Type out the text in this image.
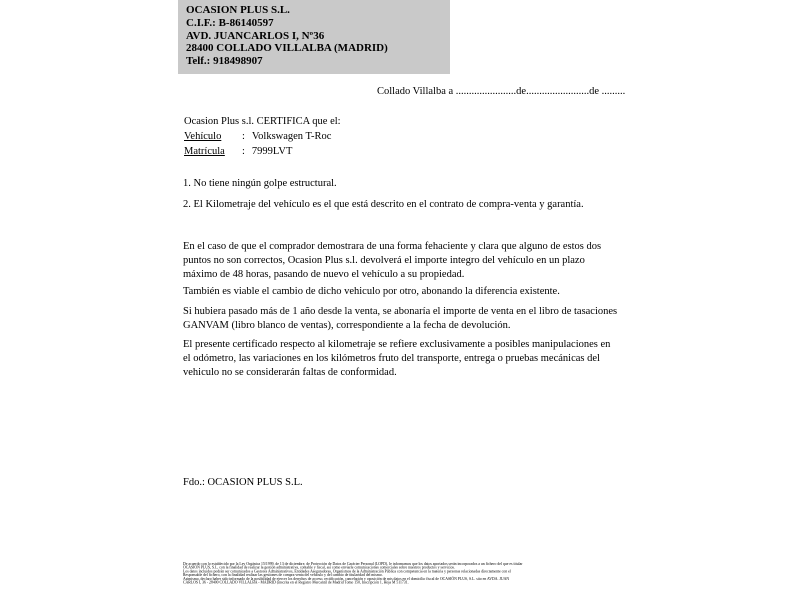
OCASION PLUS S.L.
C.I.F.: B-86140597
AVD. JUANCARLOS I, Nº36
28400 COLLADO VILLALBA (MADRID)
Telf.: 918498907
Collado Villalba a .......................de........................de .........
Ocasion Plus s.l. CERTIFICA que el:
Vehículo : Volkswagen T-Roc
Matrícula : 7999LVT
1. No tiene ningún golpe estructural.
2. El Kilometraje del vehículo es el que está descrito en el contrato de compra-venta y garantía.
En el caso de que el comprador demostrara de una forma fehaciente y clara que alguno de estos dos puntos no son correctos, Ocasion Plus s.l. devolverá el importe integro del vehículo en un plazo máximo de 48 horas, pasando de nuevo el vehículo a su propiedad.
También es viable el cambio de dicho vehiculo por otro, abonando la diferencia existente.
Si hubiera pasado más de 1 año desde la venta, se abonaría el importe de venta en el libro de tasaciones GANVAM (libro blanco de ventas), correspondiente a la fecha de devolución.
El presente certificado respecto al kilometraje se refiere exclusivamente a posibles manipulaciones en el odómetro, las variaciones en los kilómetros fruto del transporte, entrega o pruebas mecánicas del vehiculo no se considerarán faltas de conformidad.
Fdo.: OCASION PLUS S.L.
De acuerdo con lo establecido por la Ley Orgánica 15/1999, de 13 de diciembre, de Protección de Datos de Carácter Personal (LOPD), le informamos que los datos aportados serán incorporados a un fichero del que es titular
OCASION PLUS, S.L. con la finalidad de realizar la gestión administrativa, contable y fiscal, así como enviarle comunicaciones comerciales sobre nuestros productos y servicios.
Los datos incluidos podrán ser comunicados a Gestores Administrativos, Entidades Aseguradoras, Organismos de la Administración Pública con competencia en la materia y personas relacionadas directamente con el
Responsable del fichero, con la finalidad realizar las gestiones de compra venta del vehículo y del cambio de titularidad del mismo.
Asimismo, declaro haber sido informado de la posibilidad de ejercer los derechos de acceso, rectificación, cancelación y oposición de mis datos en el domicilio fiscal de OCASIÓN PLUS, S.L. sito en AVDA. JUAN
CARLOS I, 36 - 28400 COLLADO VILLALBA - MADRID (inscrita en el Registro Mercantil de Madrid Tomo 150, Inscripción 1, Hoja M 511731.
